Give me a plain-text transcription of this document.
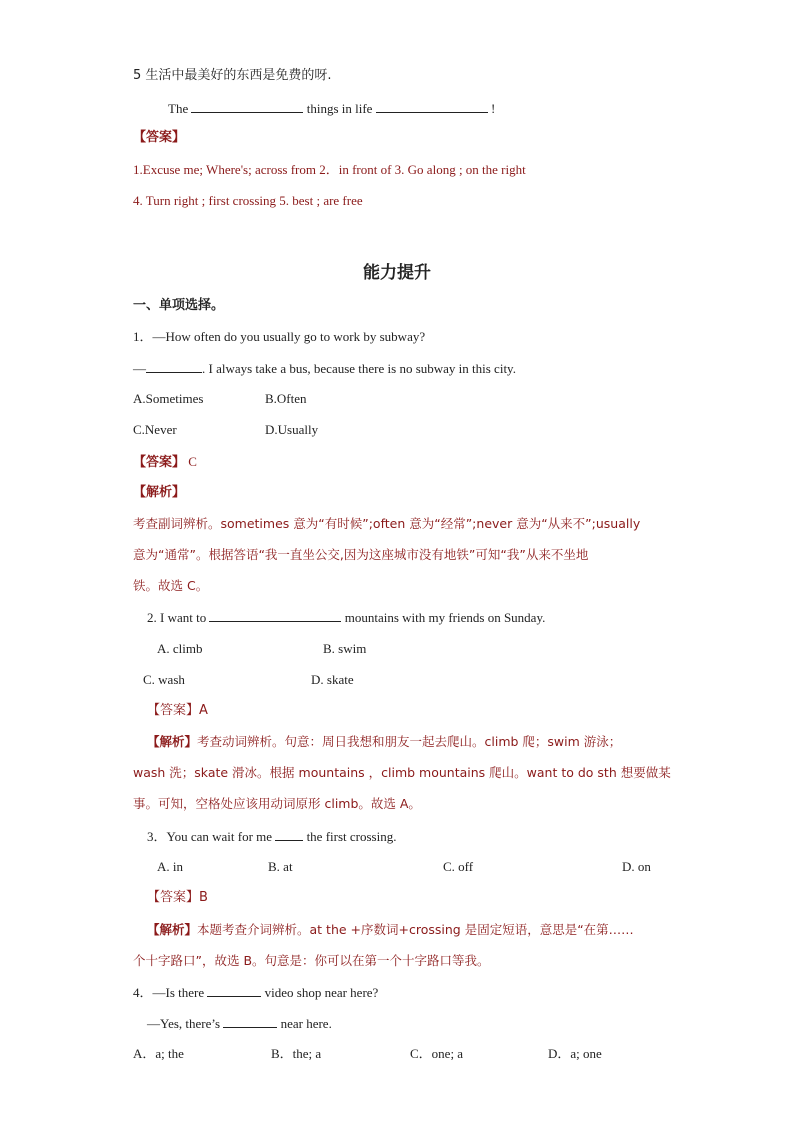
5 生活中最美好的东西是免费的呀.
The	things in life	!
【答案】
1.Excuse me; Where's; across from 2．in front of 3. Go along ; on the right
4. Turn right ; first crossing 5. best ; are free
能力提升
一、单项选择。
1．—How often do you usually go to work by subway?
—	. I always take a bus, because there is no subway in this city.
A.Sometimes	B.Often
C.Never	D.Usually
【答案】 C
【解析】
考查副词辨析。sometimes 意为“有时候”;often 意为“经常”;never 意为“从来不”;usually
意为“通常”。根据答语“我一直坐公交,因为这座城市没有地铁”可知“我”从来不坐地
铁。故选 C。
2. I want to	mountains with my friends on Sunday.
A. climb	B. swim
C. wash	D. skate
【答案】A
【解析】考查动词辨析。句意：周日我想和朋友一起去爬山。climb 爬；swim 游泳；
wash 洗；skate 滑冰。根据 mountains ，climb mountains 爬山。want to do sth 想要做某
事。可知，空格处应该用动词原形 climb。故选 A。
3．You can wait for me	the first crossing.
A. in	B. at	C. off	D. on
【答案】B
【解析】本题考查介词辨析。at the +序数词+crossing 是固定短语，意思是“在第……
个十字路口”，故选 B。句意是：你可以在第一个十字路口等我。
4．—Is there	video shop near here?
—Yes, there’s	near here.
A．a; the	B．the; a	C．one; a	D．a; one
